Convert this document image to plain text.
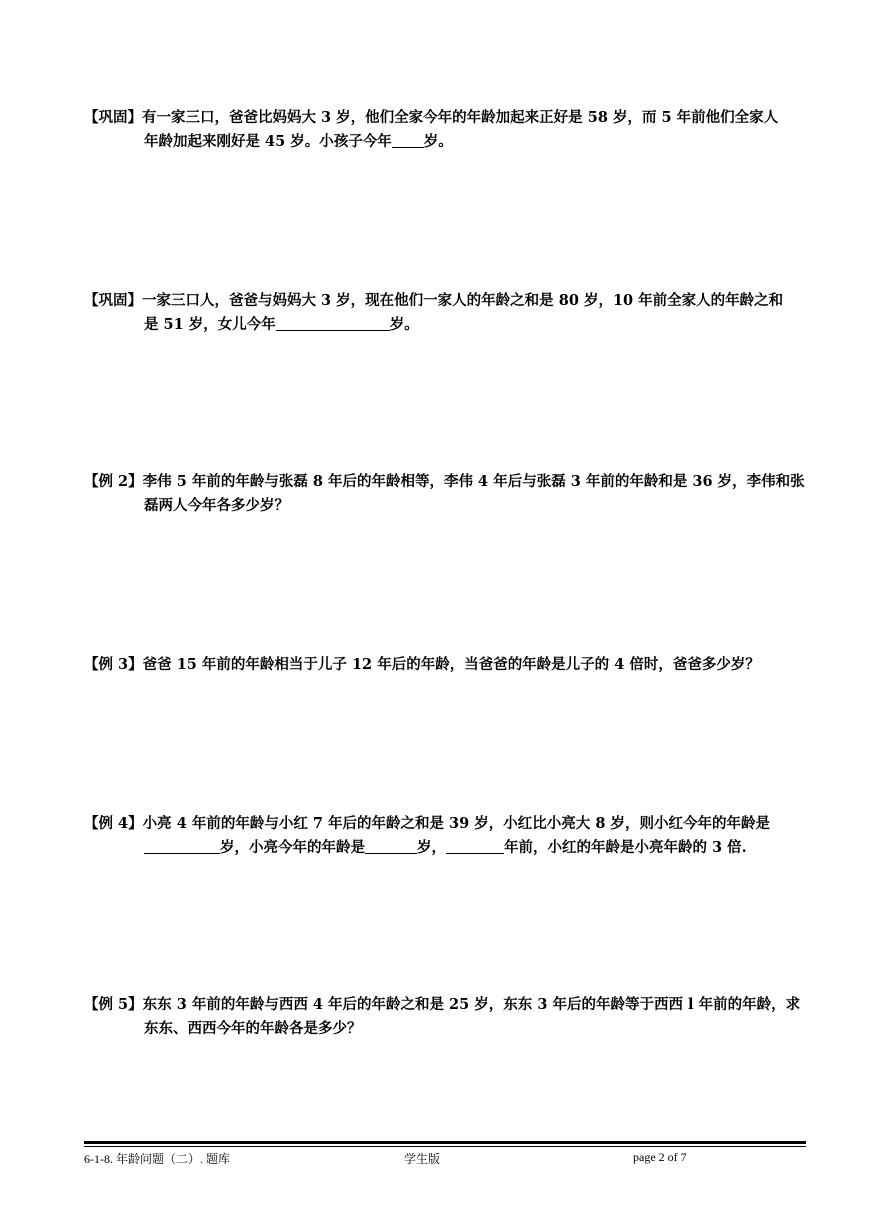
【巩固】有一家三口，爸爸比妈妈大 3 岁，他们全家今年的年龄加起来正好是 58 岁，而 5 年前他们全家人
年龄加起来刚好是 45 岁。小孩子今年 岁。
【巩固】一家三口人，爸爸与妈妈大 3 岁，现在他们一家人的年龄之和是 80 岁，10 年前全家人的年龄之和
是 51 岁，女儿今年	岁。
【例 2】李伟 5 年前的年龄与张磊 8 年后的年龄相等，李伟 4 年后与张磊 3 年前的年龄和是 36 岁，李伟和张
磊两人今年各多少岁？
【例 3】爸爸 15 年前的年龄相当于儿子 12 年后的年龄，当爸爸的年龄是儿子的 4 倍时，爸爸多少岁？
【例 4】小亮 4 年前的年龄与小红 7 年后的年龄之和是 39 岁，小红比小亮大 8 岁，则小红今年的年龄是
岁，小亮今年的年龄是	岁，	年前，小红的年龄是小亮年龄的 3 倍.
【例 5】东东 3 年前的年龄与西西 4 年后的年龄之和是 25 岁，东东 3 年后的年龄等于西西 l 年前的年龄，求
东东、西西今年的年龄各是多少？
6-1-8. 年龄问题（二）. 题库	学生版	page 2 of 7
